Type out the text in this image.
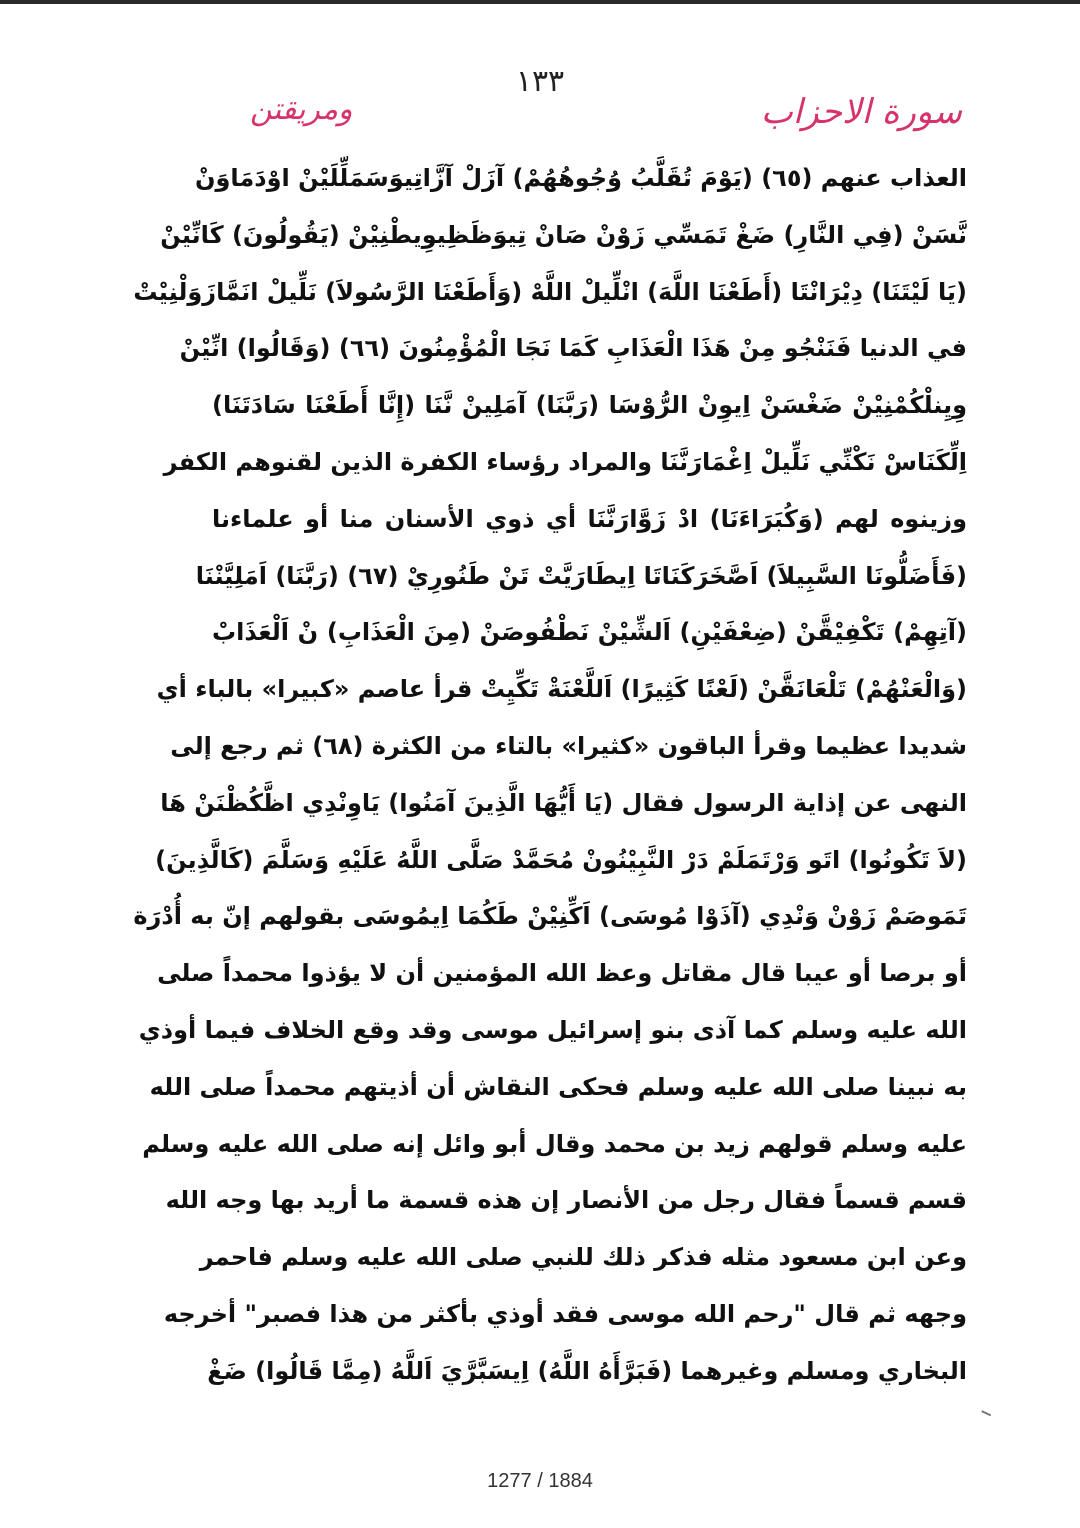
سورة الاحزاب
١٣٣
ومريقتن
العذاب عنهم (٦٥) (يَوْمَ تُقَلَّبُ وُجُوهُهُمْ) آزَلْ آزَّاتِيوَسَمَلِّلَيْنْ اوْدَمَاوَنْ
نَّسَنْ (فِي النَّارِ) ضَغْ تَمَسِّي زَوْنْ صَانْ تِيوَظَظِيوِيطْنِيْنْ (يَقُولُونَ) كَانِّيْنْ
(يَا لَيْتَنَا) دِيْرَانْتَا (أَطَعْنَا اللَّهَ) انْلِّيلْ اللَّهْ (وَأَطَعْنَا الرَّسُولاَ) نَلِّيلْ انَمَّازَوَلْنِيْتْ
في الدنيا فَنَنْجُو مِنْ هَذَا الْعَذَابِ كَمَا نَجَا الْمُؤْمِنُونَ (٦٦) (وَقَالُوا) انِّيْنْ
وِيِنلْكُمْنِيْنْ ضَغْسَنْ اِيوِنْ الرُّوْسَا (رَبَّنَا) آمَلِينْ نَّنَا (إِنَّا أَطَعْنَا سَادَتَنَا)
اِلِّكَنَاسْ نَكْنِّي نَلِّيلْ اِغْمَارَنَّنَا والمراد رؤساء الكفرة الذين لقنوهم الكفر
وزينوه لهم (وَكُبَرَاءَنَا) ادْ زَوَّارَنَّنَا أي ذوي الأسنان منا أو علماءنا
(فَأَضَلُّونَا السَّبِيلاَ) اَصَّخَرَكَنَاتَا اِيطَارَيَّتْ تَنْ طَنُورِيْ (٦٧) (رَبَّنَا) اَمَلِيَّنْنَا
(آتِهِمْ) تَكْفِيْقَّنْ (ضِعْفَيْنِ) اَلشِّيْنْ نَطْفُوصَنْ (مِنَ الْعَذَابِ) نْ اَلْعَذَابْ
(وَالْعَنْهُمْ) تَلْعَانَقَّنْ (لَعْنًا كَثِيرًا) اَللَّعْنَةْ تَكِّيِتْ قرأ عاصم «كبيرا» بالباء أي
شديدا عظيما وقرأ الباقون «كثيرا» بالتاء من الكثرة (٦٨) ثم رجع إلى
النهى عن إذاية الرسول فقال (يَا أَيُّهَا الَّذِينَ آمَنُوا) يَاوِنْدِي اظَّكُظْنَنْ هَا
(لاَ تَكُونُوا) اتَو وَرْتَمَلَمْ دَرْ النَّبِيْنُونْ مُحَمَّدْ صَلَّى اللَّهُ عَلَيْهِ وَسَلَّمَ (كَالَّذِينَ)
تَمَوصَمْ زَوْنْ وَنْدِي (آذَوْا مُوسَى) اَكِّنِيْنْ طَكُمَا اِيمُوسَى بقولهم إنّ به أُدْرَة
أو برصا أو عيبا قال مقاتل وعظ الله المؤمنين أن لا يؤذوا محمداً صلى
الله عليه وسلم كما آذى بنو إسرائيل موسى وقد وقع الخلاف فيما أوذي
به نبينا صلى الله عليه وسلم فحكى النقاش أن أذيتهم محمداً صلى الله
عليه وسلم قولهم زيد بن محمد وقال أبو وائل إنه صلى الله عليه وسلم
قسم قسماً فقال رجل من الأنصار إن هذه قسمة ما أريد بها وجه الله
وعن ابن مسعود مثله فذكر ذلك للنبي صلى الله عليه وسلم فاحمر
وجهه ثم قال "رحم الله موسى فقد أوذي بأكثر من هذا فصبر" أخرجه
البخاري ومسلم وغيرهما (فَبَرَّأَهُ اللَّهُ) اِيسَبَّرَّيَ اَللَّهُ (مِمَّا قَالُوا) ضَغْ
1277 / 1884
